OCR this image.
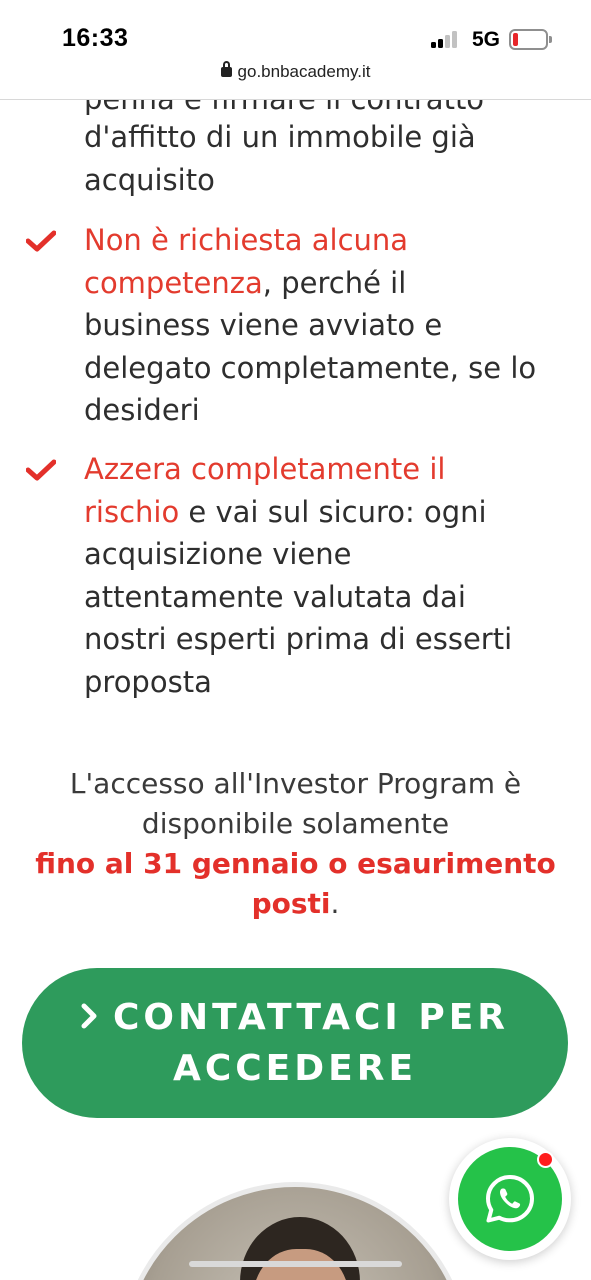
16:33	5G
go.bnbacademy.it
d'affitto di un immobile già
acquisito
Non è richiesta alcuna
competenza, perché il
business viene avviato e
delegato completamente, se lo
desideri
Azzera completamente il
rischio e vai sul sicuro: ogni
acquisizione viene
attentamente valutata dai
nostri esperti prima di esserti
proposta
L'accesso all'Investor Program è
disponibile solamente
fino al 31 gennaio o esaurimento
posti.
CONTATTACI PER
ACCEDERE
